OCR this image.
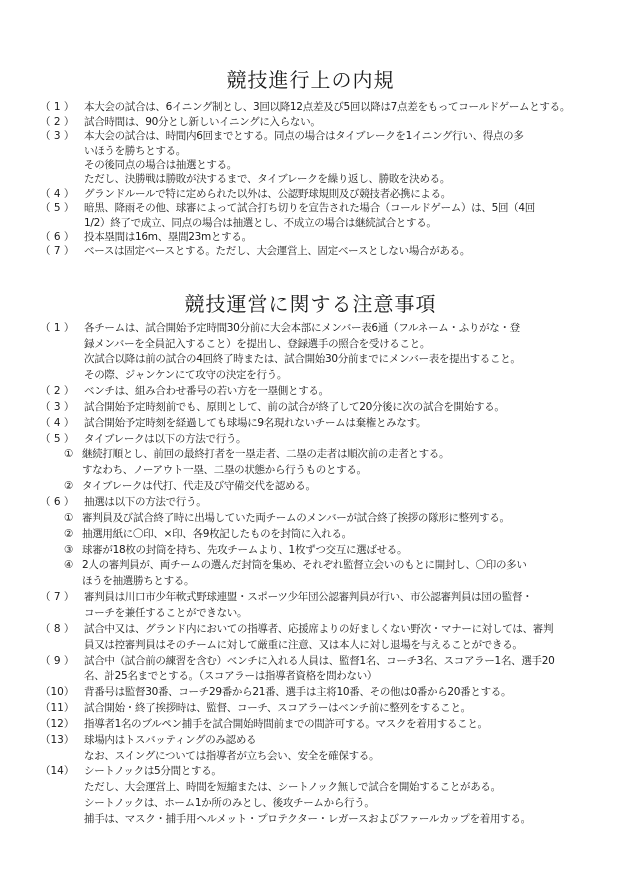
競技進行上の内規
（ 1 ） 本大会の試合は、6イニング制とし、3回以降12点差及び5回以降は7点差をもってコールドゲームとする。
（ 2 ） 試合時間は、90分とし新しいイニングに入らない。
（ 3 ） 本大会の試合は、時間内6回までとする。同点の場合はタイブレークを1イニング行い、得点の多
いほうを勝ちとする。
その後同点の場合は抽選とする。
ただし、決勝戦は勝敗が決するまで、タイブレークを繰り返し、勝敗を決める。
（ 4 ） グランドルールで特に定められた以外は、公認野球規則及び競技者必携による。
（ 5 ） 暗黒、降雨その他、球審によって試合打ち切りを宣告された場合（コールドゲーム）は、5回（4回
1/2）終了で成立、同点の場合は抽選とし、不成立の場合は継続試合とする。
（ 6 ） 投本塁間は16m、塁間23mとする。
（ 7 ） ベースは固定ベースとする。ただし、大会運営上、固定ベースとしない場合がある。
競技運営に関する注意事項
（ 1 ） 各チームは、試合開始予定時間30分前に大会本部にメンバー表6通（フルネーム・ふりがな・登
録メンバーを全員記入すること）を提出し、登録選手の照合を受けること。
次試合以降は前の試合の4回終了時または、試合開始30分前までにメンバー表を提出すること。
その際、ジャンケンにて攻守の決定を行う。
（ 2 ） ベンチは、組み合わせ番号の若い方を一塁側とする。
（ 3 ） 試合開始予定時刻前でも、原則として、前の試合が終了して20分後に次の試合を開始する。
（ 4 ） 試合開始予定時刻を経過しても球場に9名現れないチームは棄権とみなす。
（ 5 ） タイブレークは以下の方法で行う。
① 継続打順とし、前回の最終打者を一塁走者、二塁の走者は順次前の走者とする。
すなわち、ノーアウト一塁、二塁の状態から行うものとする。
② タイブレークは代打、代走及び守備交代を認める。
（ 6 ） 抽選は以下の方法で行う。
① 審判員及び試合終了時に出場していた両チームのメンバーが試合終了挨拶の隊形に整列する。
② 抽選用紙に〇印、×印、各9枚記したものを封筒に入れる。
③ 球審が18枚の封筒を持ち、先攻チームより、1枚ずつ交互に選ばせる。
④ 2人の審判員が、両チームの選んだ封筒を集め、それぞれ監督立会いのもとに開封し、〇印の多い
ほうを抽選勝ちとする。
（ 7 ） 審判員は川口市少年軟式野球連盟・スポーツ少年団公認審判員が行い、市公認審判員は団の監督・
コーチを兼任することができない。
（ 8 ） 試合中又は、グランド内においての指導者、応援席よりの好ましくない野次・マナーに対しては、審判
員又は控審判員はそのチームに対して厳重に注意、又は本人に対し退場を与えることができる。
（ 9 ） 試合中（試合前の練習を含む）ベンチに入れる人員は、監督1名、コーチ3名、スコアラー1名、選手20
名、計25名までとする。（スコアラーは指導者資格を問わない）
（10） 背番号は監督30番、コーチ29番から21番、選手は主将10番、その他は0番から20番とする。
（11） 試合開始・終了挨拶時は、監督、コーチ、スコアラーはベンチ前に整列をすること。
（12） 指導者1名のブルペン捕手を試合開始時間前までの間許可する。マスクを着用すること。
（13） 球場内はトスバッティングのみ認める
なお、スイングについては指導者が立ち会い、安全を確保する。
（14） シートノックは5分間とする。
ただし、大会運営上、時間を短縮または、シートノック無しで試合を開始することがある。
シートノックは、ホーム1か所のみとし、後攻チームから行う。
捕手は、マスク・捕手用ヘルメット・プロテクター・レガースおよびファールカップを着用する。
